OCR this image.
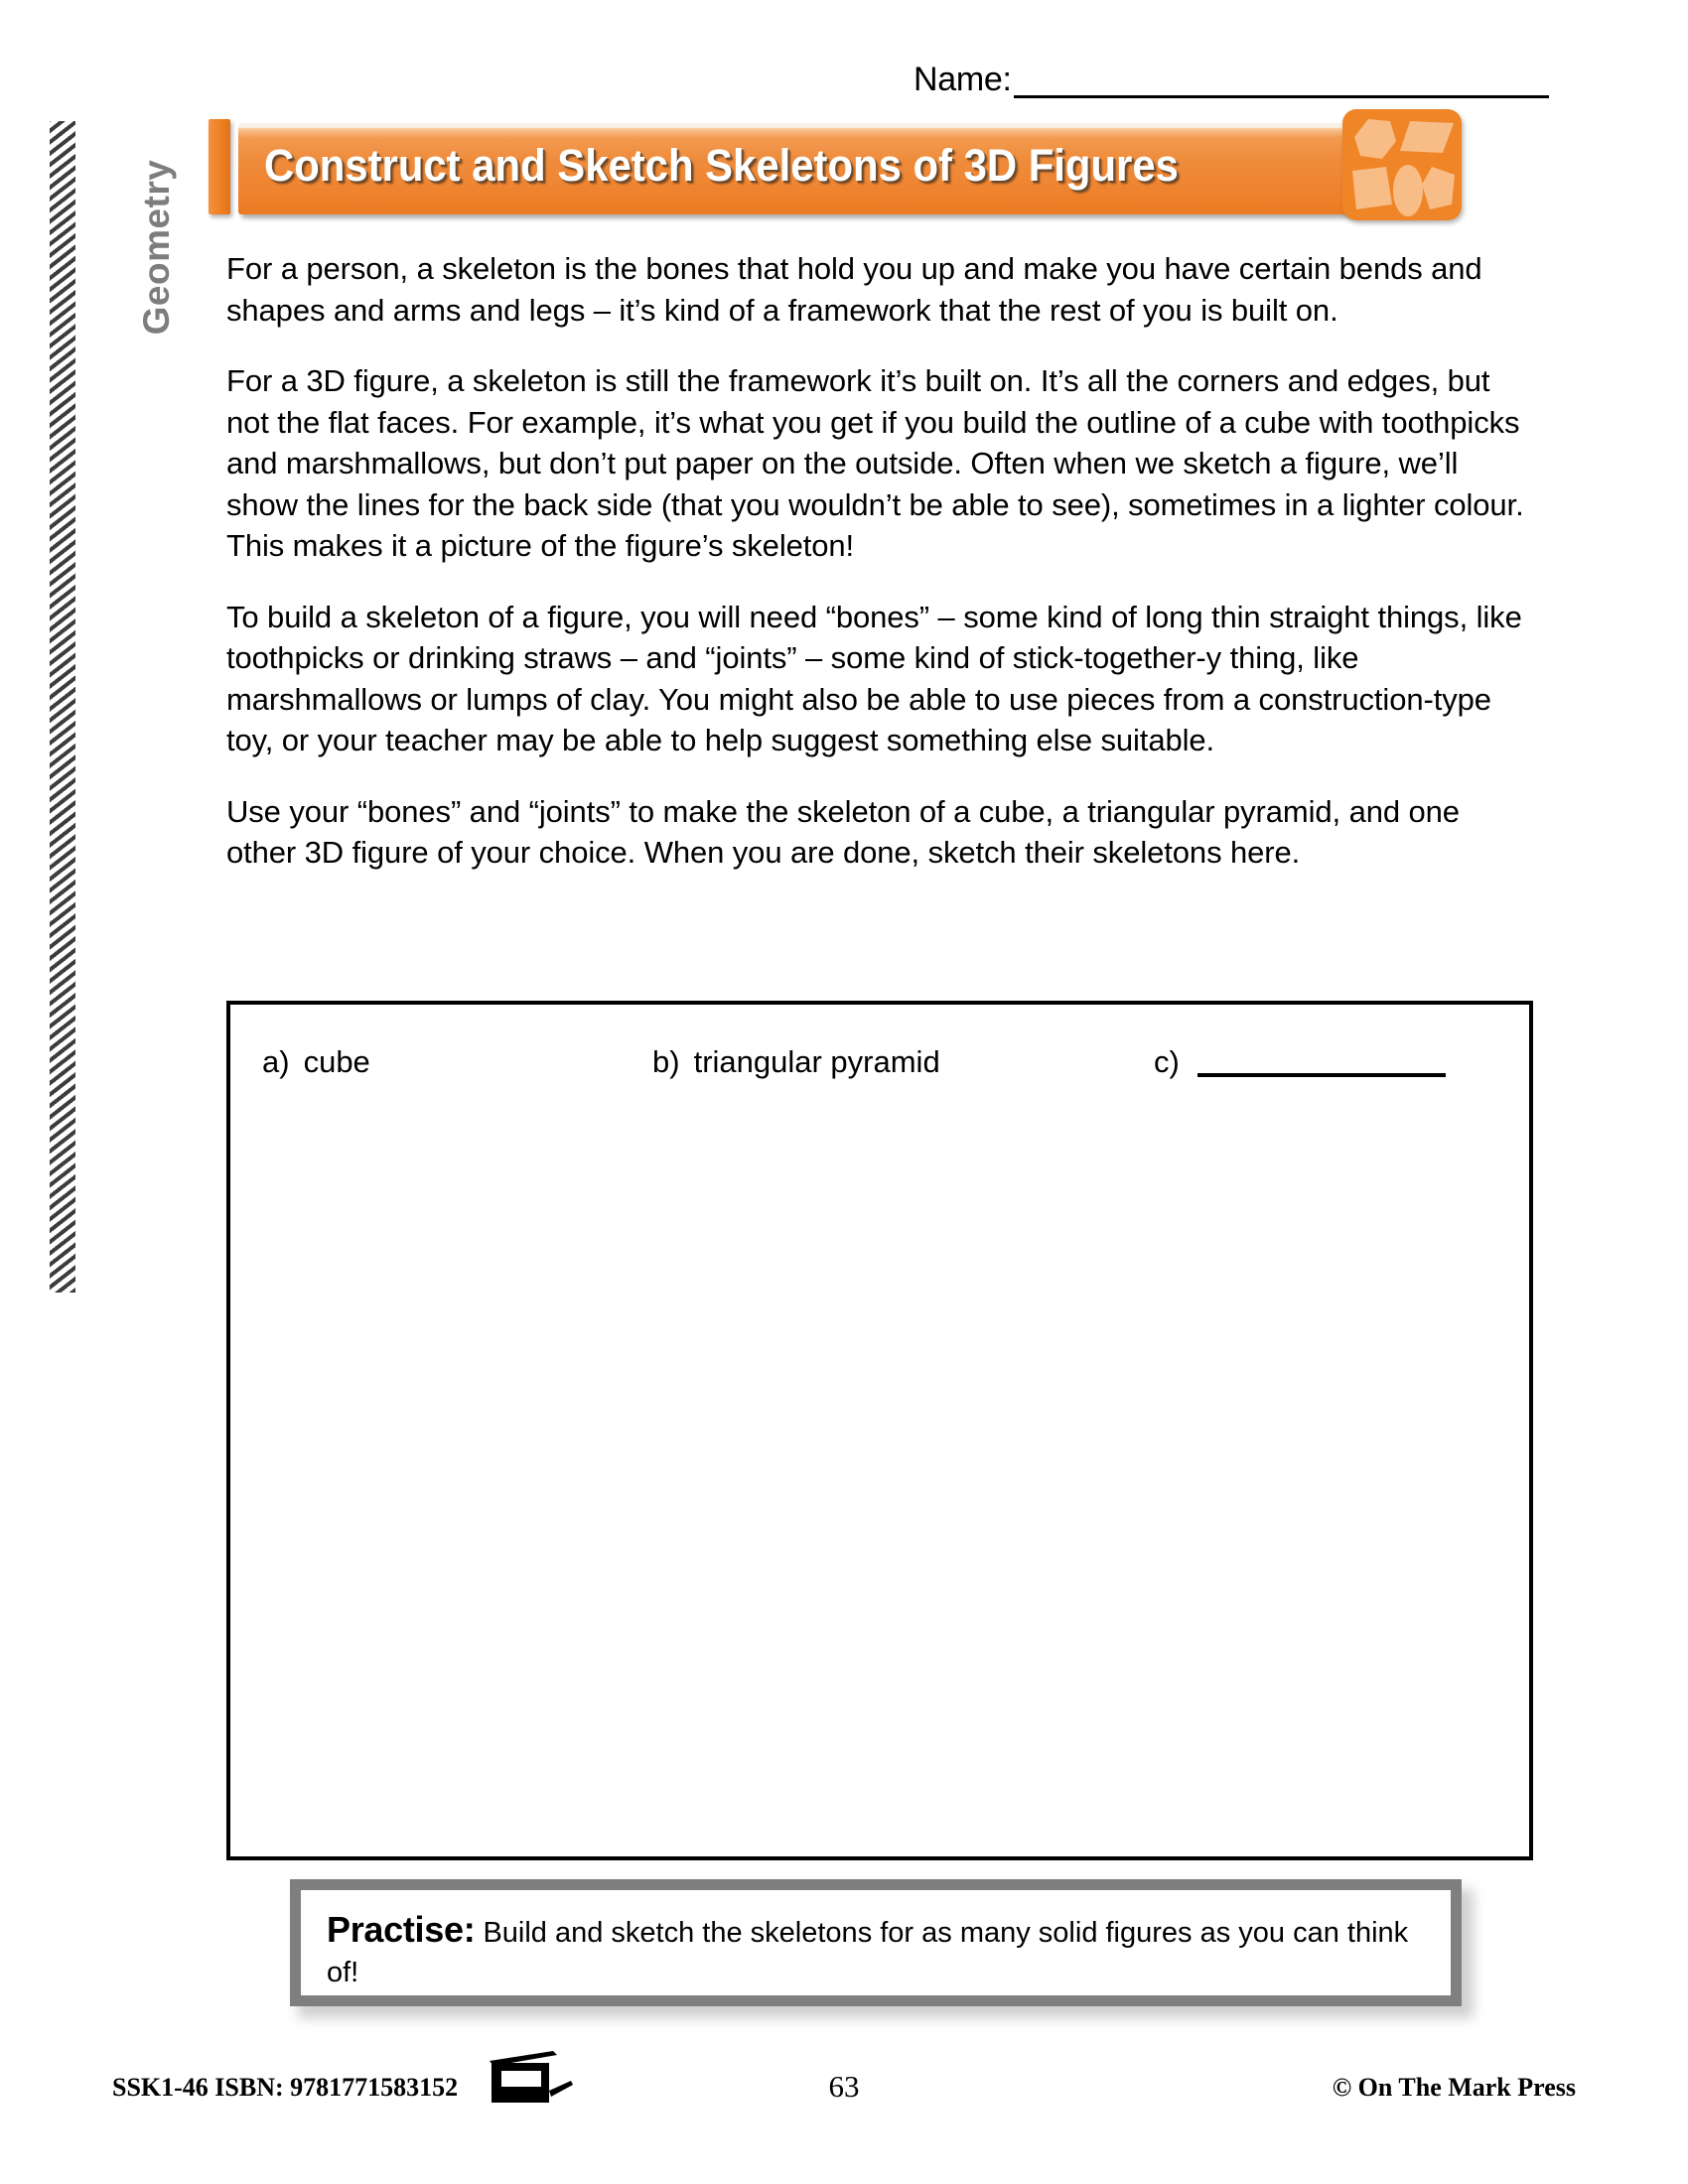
Name:
Geometry Construct and Sketch Skeletons of 3D Figures

For a person, a skeleton is the bones that hold you up and make you have certain bends and shapes and arms and legs – it’s kind of a framework that the rest of you is built on.

For a 3D figure, a skeleton is still the framework it’s built on. It’s all the corners and edges, but not the flat faces. For example, it’s what you get if you build the outline of a cube with toothpicks and marshmallows, but don’t put paper on the outside. Often when we sketch a figure, we’ll show the lines for the back side (that you wouldn’t be able to see), sometimes in a lighter colour. This makes it a picture of the figure’s skeleton!

To build a skeleton of a figure, you will need “bones” – some kind of long thin straight things, like toothpicks or drinking straws – and “joints” – some kind of stick-together-y thing, like marshmallows or lumps of clay. You might also be able to use pieces from a construction-type toy, or your teacher may be able to help suggest something else suitable.

Use your “bones” and “joints” to make the skeleton of a cube, a triangular pyramid, and one other 3D figure of your choice. When you are done, sketch their skeletons here.

a) cube	b) triangular pyramid	c)
Practise: Build and sketch the skeletons for as many solid figures as you can think of!
SSK1-46 ISBN: 9781771583152	63	© On The Mark Press
